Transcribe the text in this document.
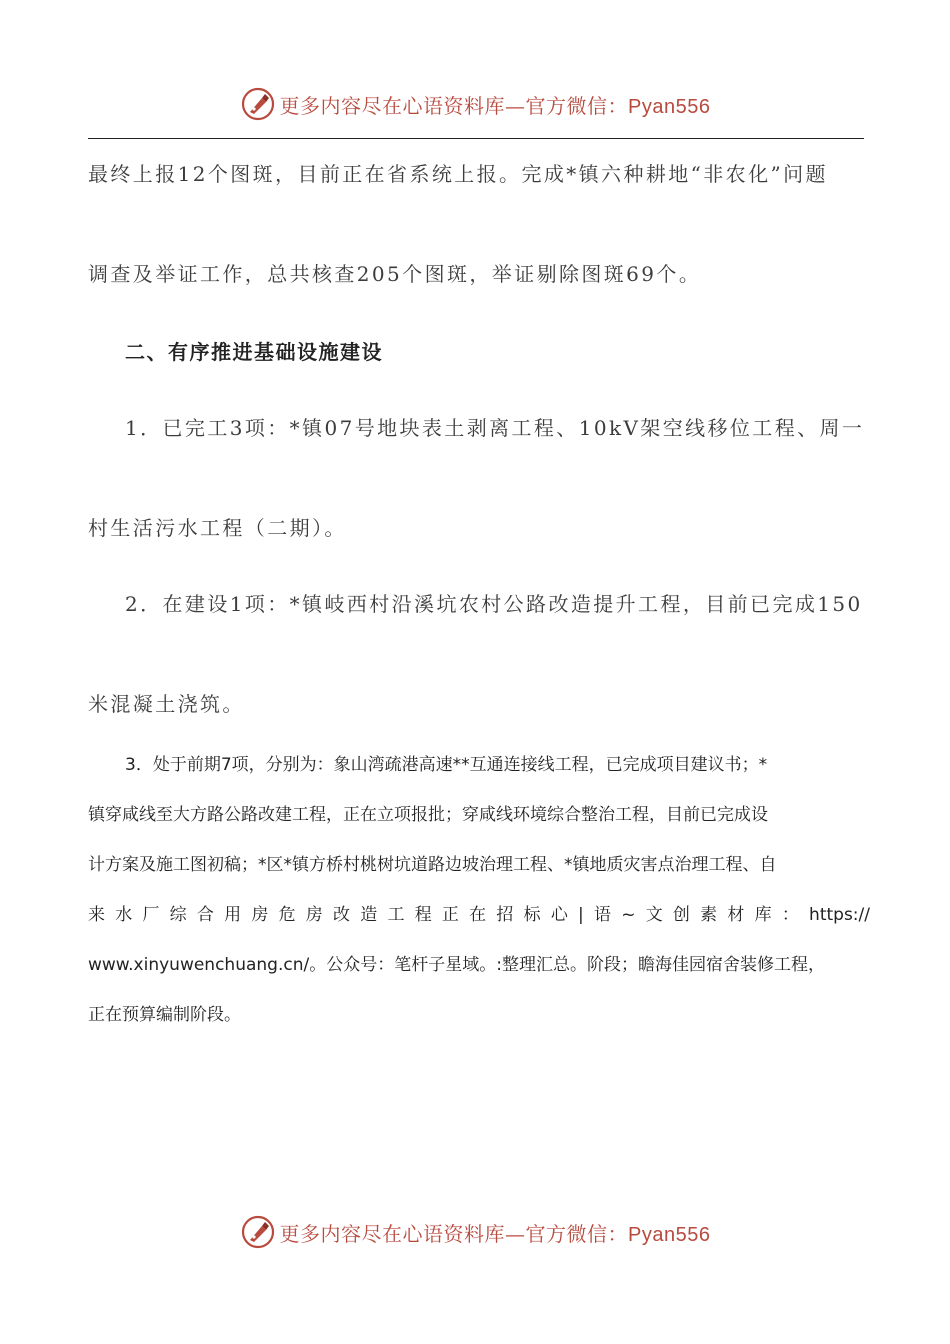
更多内容尽在心语资料库—官方微信：Pyan556
最终上报12个图斑，目前正在省系统上报。完成*镇六种耕地“非农化”问题
调查及举证工作，总共核查205个图斑，举证剔除图斑69个。
二、有序推进基础设施建设
1．已完工3项：*镇07号地块表土剥离工程、10kV架空线移位工程、周一
村生活污水工程（二期）。
2．在建设1项：*镇岐西村沿溪坑农村公路改造提升工程，目前已完成150
米混凝土浇筑。
3．处于前期7项，分别为：象山湾疏港高速**互通连接线工程，已完成项目建议书；*
镇穿咸线至大方路公路改建工程，正在立项报批；穿咸线环境综合整治工程，目前已完成设
计方案及施工图初稿；*区*镇方桥村桃树坑道路边坡治理工程、*镇地质灾害点治理工程、自
来水厂综合用房危房改造工程正在招标心|语~文创素材库：https://
www.xinyuwenchuang.cn/。公众号：笔杆子星域。:整理汇总。阶段；瞻海佳园宿舍装修工程，
正在预算编制阶段。
更多内容尽在心语资料库—官方微信：Pyan556
